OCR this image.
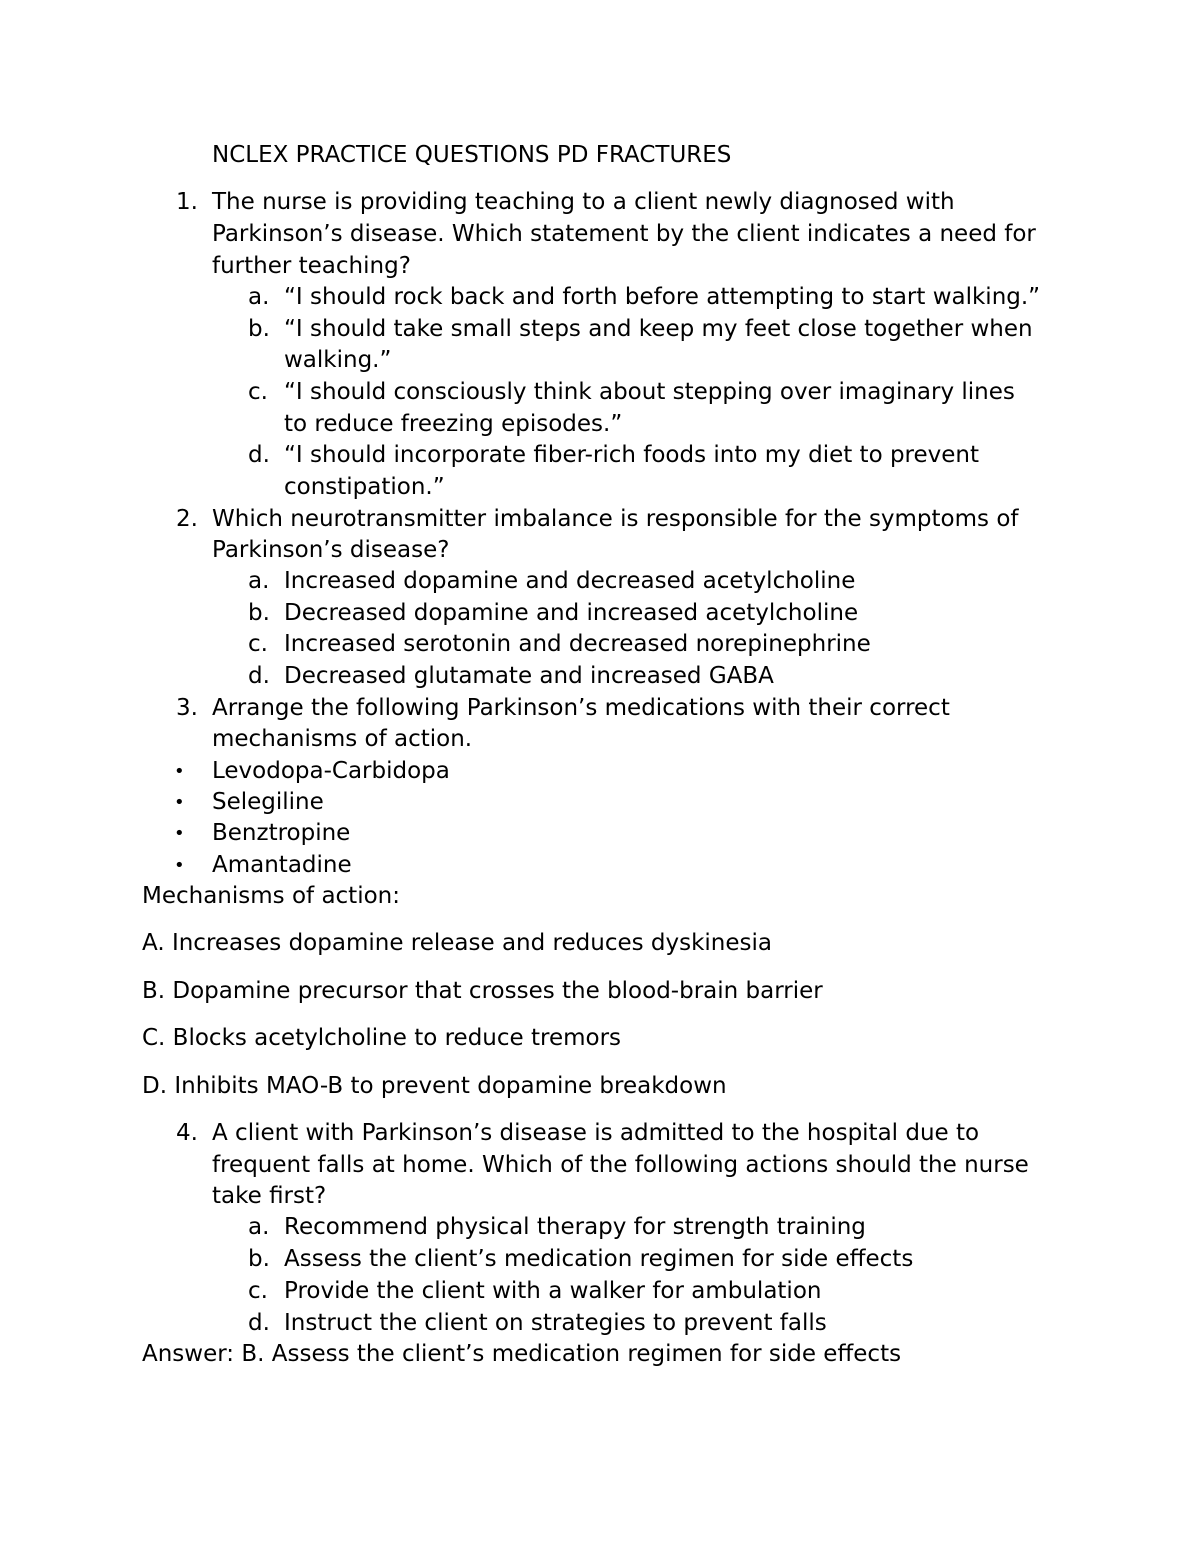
NCLEX PRACTICE QUESTIONS PD FRACTURES
1. The nurse is providing teaching to a client newly diagnosed with
Parkinson’s disease. Which statement by the client indicates a need for
further teaching?
a. “I should rock back and forth before attempting to start walking.”
b. “I should take small steps and keep my feet close together when
walking.”
c. “I should consciously think about stepping over imaginary lines
to reduce freezing episodes.”
d. “I should incorporate fiber-rich foods into my diet to prevent
constipation.”
2. Which neurotransmitter imbalance is responsible for the symptoms of
Parkinson’s disease?
a. Increased dopamine and decreased acetylcholine
b. Decreased dopamine and increased acetylcholine
c. Increased serotonin and decreased norepinephrine
d. Decreased glutamate and increased GABA
3. Arrange the following Parkinson’s medications with their correct
mechanisms of action.
• Levodopa-Carbidopa
• Selegiline
• Benztropine
• Amantadine
Mechanisms of action:
A. Increases dopamine release and reduces dyskinesia
B. Dopamine precursor that crosses the blood-brain barrier
C. Blocks acetylcholine to reduce tremors
D. Inhibits MAO-B to prevent dopamine breakdown
4. A client with Parkinson’s disease is admitted to the hospital due to
frequent falls at home. Which of the following actions should the nurse
take first?
a. Recommend physical therapy for strength training
b. Assess the client’s medication regimen for side effects
c. Provide the client with a walker for ambulation
d. Instruct the client on strategies to prevent falls
Answer: B. Assess the client’s medication regimen for side effects
